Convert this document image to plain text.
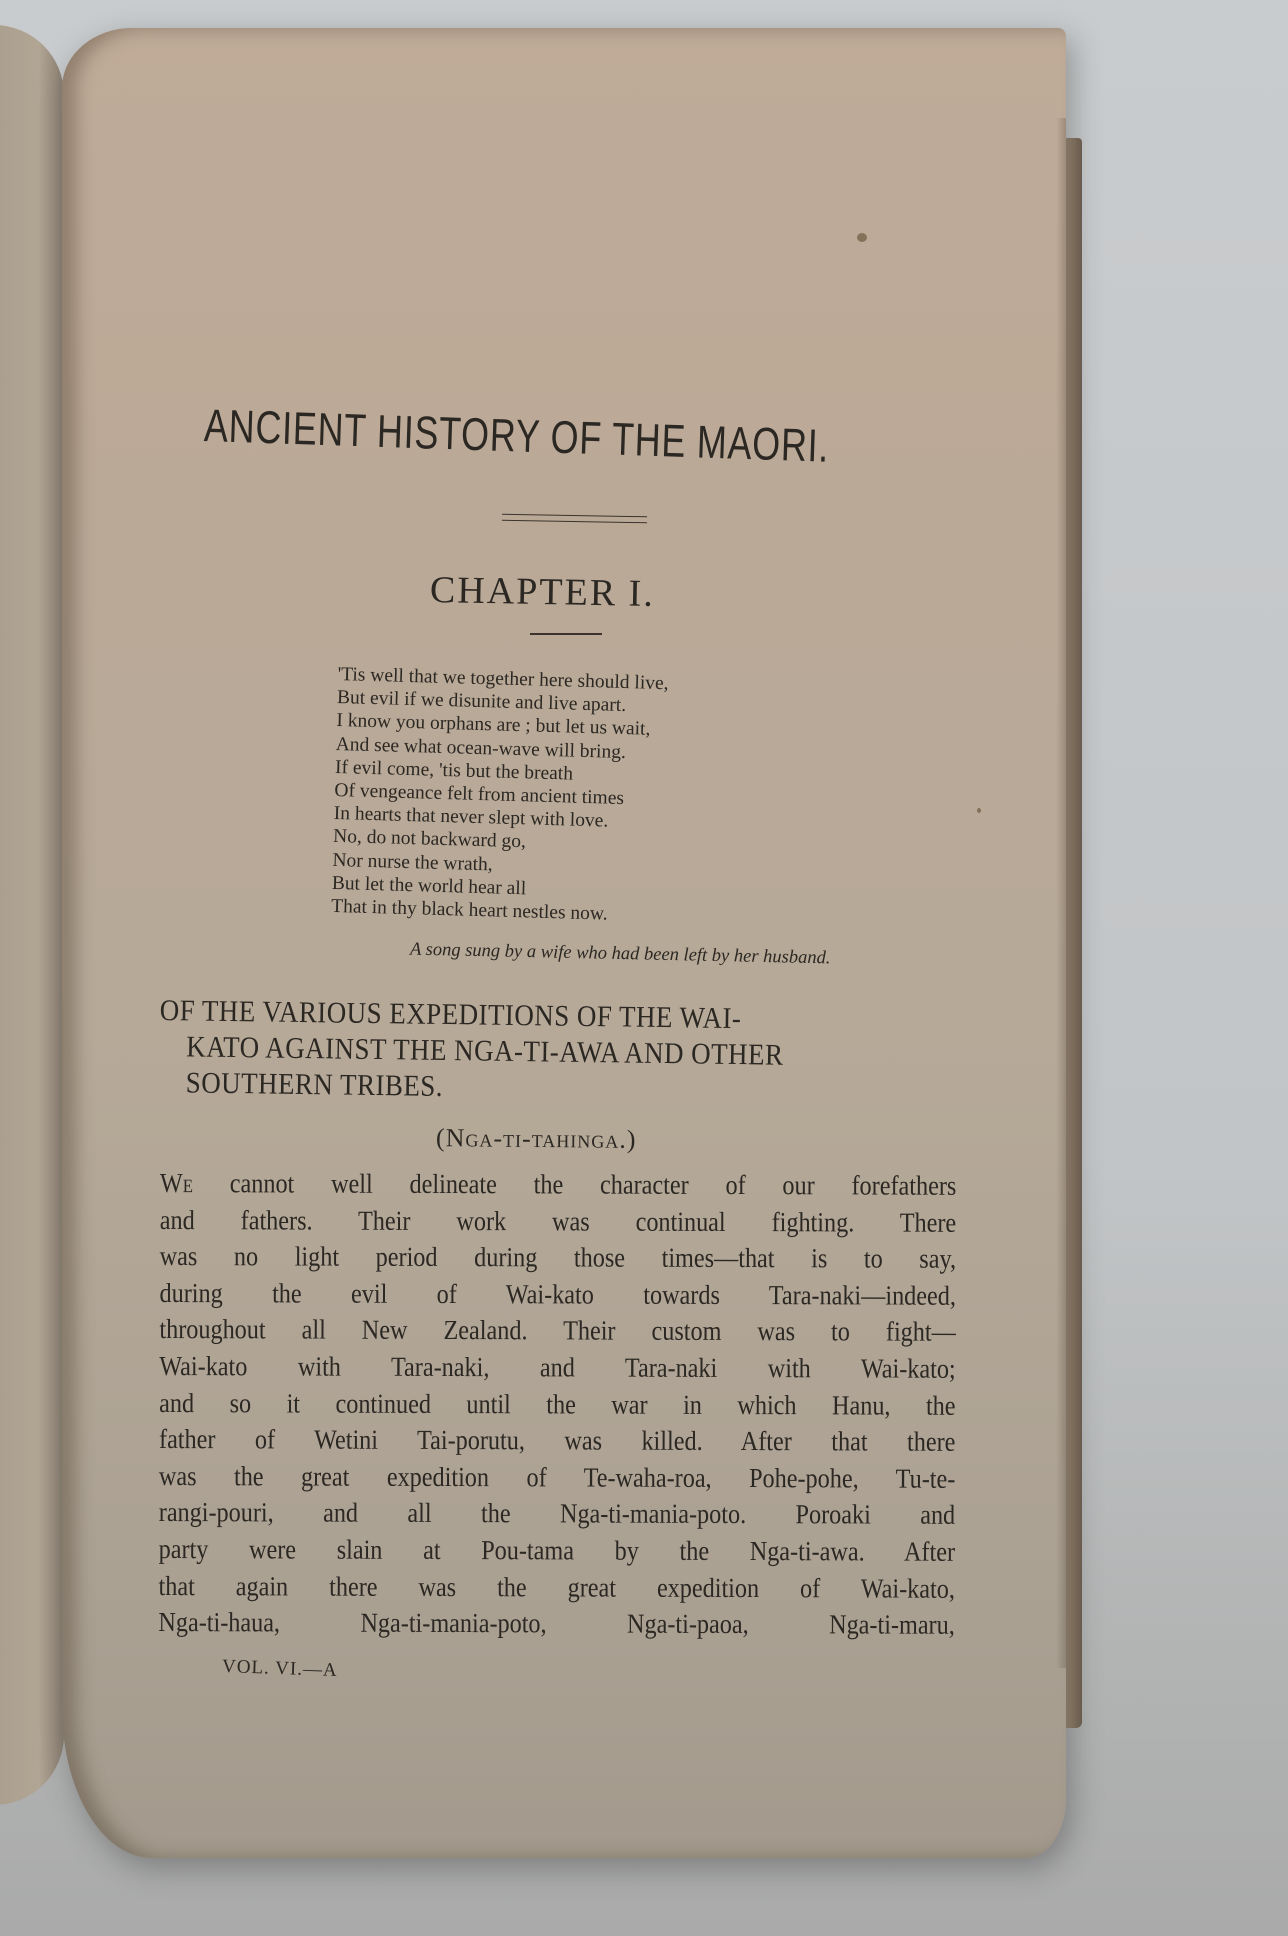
ANCIENT HISTORY OF THE MAORI.
CHAPTER I.
'Tis well that we together here should live,
But evil if we disunite and live apart.
I know you orphans are ; but let us wait,
And see what ocean-wave will bring.
If evil come, 'tis but the breath
Of vengeance felt from ancient times
In hearts that never slept with love.
No, do not backward go,
Nor nurse the wrath,
But let the world hear all
That in thy black heart nestles now.
A song sung by a wife who had been left by her husband.
OF THE VARIOUS EXPEDITIONS OF THE WAI-
KATO AGAINST THE NGA-TI-AWA AND OTHER
SOUTHERN TRIBES.
(Nga-ti-tahinga.)
We cannot well delineate the character of our forefathers
and fathers. Their work was continual fighting. There
was no light period during those times—that is to say,
during the evil of Wai-kato towards Tara-naki—indeed,
throughout all New Zealand. Their custom was to fight—
Wai-kato with Tara-naki, and Tara-naki with Wai-kato;
and so it continued until the war in which Hanu, the
father of Wetini Tai-porutu, was killed. After that there
was the great expedition of Te-waha-roa, Pohe-pohe, Tu-te-
rangi-pouri, and all the Nga-ti-mania-poto. Poroaki and
party were slain at Pou-tama by the Nga-ti-awa. After
that again there was the great expedition of Wai-kato,
Nga-ti-haua, Nga-ti-mania-poto, Nga-ti-paoa, Nga-ti-maru,
VOL. VI.—A
